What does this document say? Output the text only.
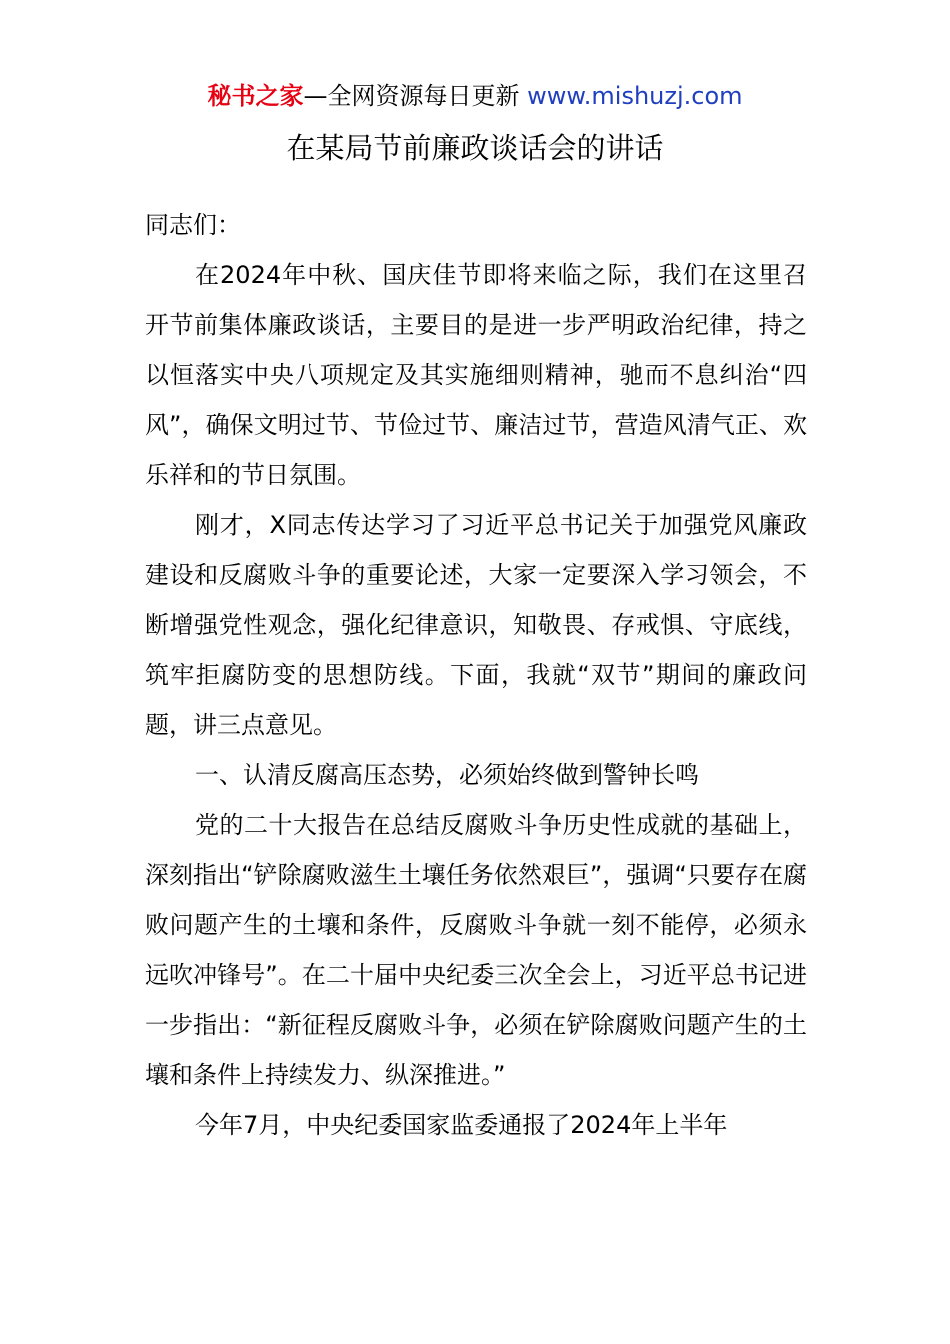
秘书之家—全网资源每日更新 www.mishuzj.com
在某局节前廉政谈话会的讲话

同志们：

在2024年中秋、国庆佳节即将来临之际，我们在这里召开节前集体廉政谈话，主要目的是进一步严明政治纪律，持之以恒落实中央八项规定及其实施细则精神，驰而不息纠治“四风”，确保文明过节、节俭过节、廉洁过节，营造风清气正、欢乐祥和的节日氛围。

刚才，X同志传达学习了习近平总书记关于加强党风廉政建设和反腐败斗争的重要论述，大家一定要深入学习领会，不断增强党性观念，强化纪律意识，知敬畏、存戒惧、守底线，筑牢拒腐防变的思想防线。下面，我就“双节”期间的廉政问题，讲三点意见。

一、认清反腐高压态势，必须始终做到警钟长鸣

党的二十大报告在总结反腐败斗争历史性成就的基础上，深刻指出“铲除腐败滋生土壤任务依然艰巨”，强调“只要存在腐败问题产生的土壤和条件，反腐败斗争就一刻不能停，必须永远吹冲锋号”。在二十届中央纪委三次全会上，习近平总书记进一步指出：“新征程反腐败斗争，必须在铲除腐败问题产生的土壤和条件上持续发力、纵深推进。”

今年7月，中央纪委国家监委通报了2024年上半年
